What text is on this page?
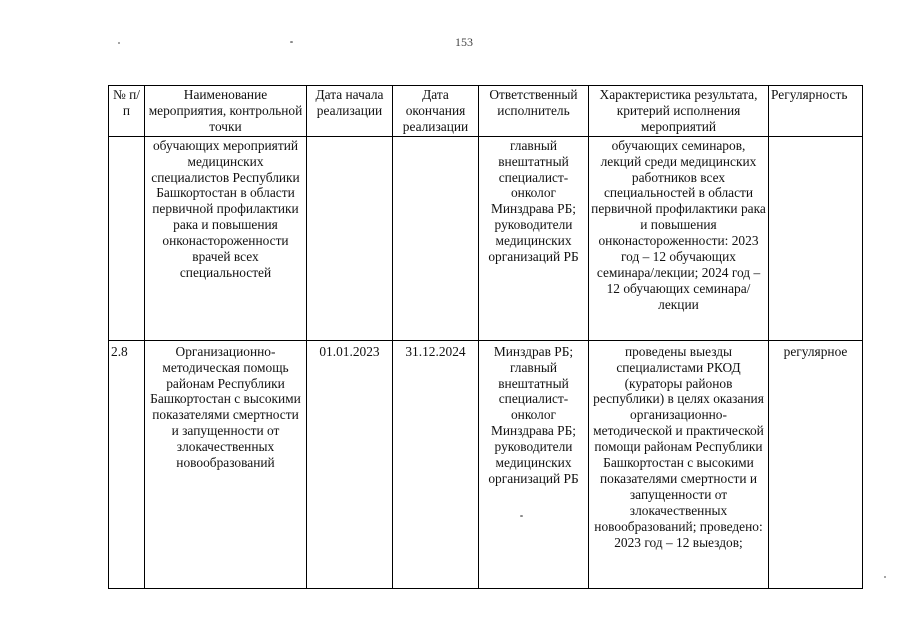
153
№ п/п	Наименование мероприятия, контрольной точки	Дата начала реализации	Дата окончания реализации	Ответственный исполнитель	Характеристика результата, критерий исполнения мероприятий	Регулярность
	обучающих мероприятий медицинских специалистов Республики Башкортостан в области первичной профилактики рака и повышения онконастороженности врачей всех специальностей			главный внештатный специалист-онколог Минздрава РБ; руководители медицинских организаций РБ	обучающих семинаров, лекций среди медицинских работников всех специальностей в области первичной профилактики рака и повышения онконастороженности: 2023 год – 12 обучающих семинара/лекции; 2024 год – 12 обучающих семинара/лекции	
2.8	Организационно-методическая помощь районам Республики Башкортостан с высокими показателями смертности и запущенности от злокачественных новообразований	01.01.2023	31.12.2024	Минздрав РБ; главный внештатный специалист-онколог Минздрава РБ; руководители медицинских организаций РБ	проведены выезды специалистами РКОД (кураторы районов республики) в целях оказания организационно-методической и практической помощи районам Республики Башкортостан с высокими показателями смертности и запущенности от злокачественных новообразований; проведено: 2023 год – 12 выездов;	регулярное
